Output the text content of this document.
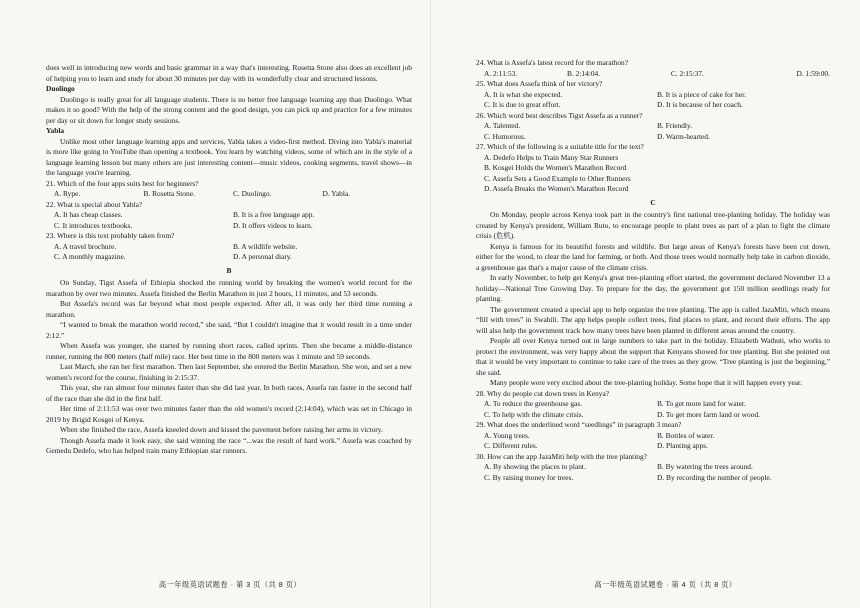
does well in introducing new words and basic grammar in a way that's interesting. Rosetta Stone also does an excellent job of helping you to learn and study for about 30 minutes per day with its wonderfully clear and structured lessons.

Duolingo

Duolingo is really great for all language students. There is no better free language learning app than Duolingo. What makes it so good? With the help of the strong content and the good design, you can pick up and practice for a few minutes per day or sit down for longer study sessions.

Yabla

Unlike most other language learning apps and services, Yabla takes a video-first method. Diving into Yabla's material is more like going to YouTube than opening a textbook. You learn by watching videos, some of which are in the style of a language learning lesson but many others are just interesting content—music videos, cooking segments, travel shows—in the language you're learning.

21. Which of the four apps suits best for beginners?

A. Rype.	B. Rosetta Stone.	C. Duolingo.	D. Yabla.

22. What is special about Yabla?

A. It has cheap classes.	B. It is a free language app.
C. It introduces textbooks.	D. It offers videos to learn.

23. Where is this text probably taken from?

A. A travel brochure.	B. A wildlife website.
C. A monthly magazine.	D. A personal diary.

B

On Sunday, Tigst Assefa of Ethiopia shocked the running world by breaking the women's world record for the marathon by over two minutes. Assefa finished the Berlin Marathon in just 2 hours, 11 minutes, and 53 seconds.

But Assefa's record was far beyond what most people expected. After all, it was only her third time running a marathon.

“I wanted to break the marathon world record,” she said, “But I couldn't imagine that it would result in a time under 2:12.”

When Assefa was younger, she started by running short races, called sprints. Then she became a middle-distance runner, running the 800 meters (half mile) race. Her best time in the 800 meters was 1 minute and 59 seconds.

Last March, she ran her first marathon. Then last September, she entered the Berlin Marathon. She won, and set a new women's record for the course, finishing in 2:15:37.

This year, she ran almost four minutes faster than she did last year. In both races, Assefa ran faster in the second half of the race than she did in the first half.

Her time of 2:11:53 was over two minutes faster than the old women's record (2:14:04), which was set in Chicago in 2019 by Brigid Kosgei of Kenya.

When she finished the race, Assefa kneeled down and kissed the pavement before raising her arms in victory.

Though Assefa made it look easy, she said winning the race “...was the result of hard work.” Assefa was coached by Gemedu Dedefo, who has helped train many Ethiopian star runners.

高一年级英语试题卷 · 第 3 页（共 8 页）

24. What is Assefa's latest record for the marathon?

A. 2:11:53.	B. 2:14:04.	C. 2:15:37.	D. 1:59:00.

25. What does Assefa think of her victory?

A. It is what she expected.	B. It is a piece of cake for her.
C. It is due to great effort.	D. It is because of her coach.

26. Which word best describes Tigst Assefa as a runner?

A. Talented.	B. Friendly.
C. Humorous.	D. Warm-hearted.

27. Which of the following is a suitable title for the text?

A. Dedefo Helps to Train Many Star Runners
B. Kosgei Holds the Women's Marathon Record
C. Assefa Sets a Good Example to Other Runners
D. Assefa Breaks the Women's Marathon Record

C

On Monday, people across Kenya took part in the country's first national tree-planting holiday. The holiday was created by Kenya's president, William Ruto, to encourage people to plant trees as part of a plan to fight the climate crisis (危机).

Kenya is famous for its beautiful forests and wildlife. But large areas of Kenya's forests have been cut down, either for the wood, to clear the land for farming, or both. And those trees would normally help take in carbon dioxide, a greenhouse gas that's a major cause of the climate crisis.

In early November, to help get Kenya's great tree-planting effort started, the government declared November 13 a holiday—National Tree Growing Day. To prepare for the day, the government got 150 million seedlings ready for planting.

The government created a special app to help organize the tree planting. The app is called JazaMiti, which means “fill with trees” in Swahili. The app helps people collect trees, find places to plant, and record their efforts. The app will also help the government track how many trees have been planted in different areas around the country.

People all over Kenya turned out in large numbers to take part in the holiday. Elizabeth Wathuti, who works to protect the environment, was very happy about the support that Kenyans showed for tree planting. But she pointed out that it would be very important to continue to take care of the trees as they grow. “Tree planting is just the beginning,” she said.

Many people were very excited about the tree-planting holiday. Some hope that it will happen every year.

28. Why do people cut down trees in Kenya?

A. To reduce the greenhouse gas.	B. To get more land for water.
C. To help with the climate crisis.	D. To get more farm land or wood.

29. What does the underlined word “seedlings” in paragraph 3 mean?

A. Young trees.	B. Bottles of water.
C. Different rules.	D. Planting apps.

30. How can the app JazaMiti help with the tree planting?

A. By showing the places to plant.	B. By watering the trees around.
C. By raising money for trees.	D. By recording the number of people.
高一年级英语试题卷 · 第 4 页（共 8 页）
